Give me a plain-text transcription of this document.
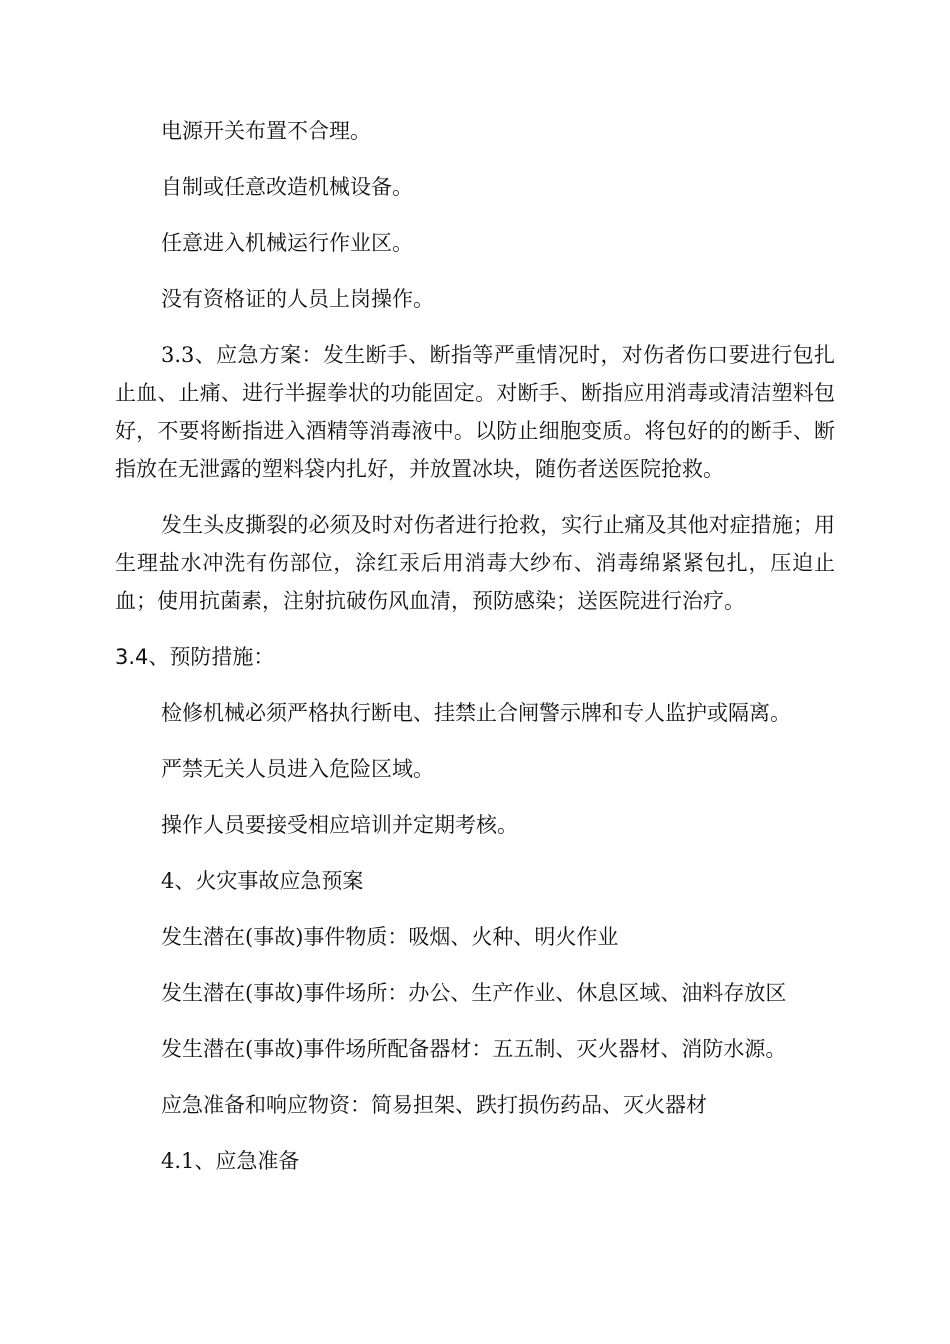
电源开关布置不合理。

自制或任意改造机械设备。

任意进入机械运行作业区。

没有资格证的人员上岗操作。

3.3、应急方案：发生断手、断指等严重情况时，对伤者伤口要进行包扎止血、止痛、进行半握拳状的功能固定。对断手、断指应用消毒或清洁塑料包好，不要将断指进入酒精等消毒液中。以防止细胞变质。将包好的的断手、断指放在无泄露的塑料袋内扎好，并放置冰块，随伤者送医院抢救。

发生头皮撕裂的必须及时对伤者进行抢救，实行止痛及其他对症措施；用生理盐水冲洗有伤部位，涂红汞后用消毒大纱布、消毒绵紧紧包扎，压迫止血；使用抗菌素，注射抗破伤风血清，预防感染；送医院进行治疗。

3.4、预防措施：

检修机械必须严格执行断电、挂禁止合闸警示牌和专人监护或隔离。

严禁无关人员进入危险区域。

操作人员要接受相应培训并定期考核。

4、火灾事故应急预案

发生潜在(事故)事件物质：吸烟、火种、明火作业

发生潜在(事故)事件场所：办公、生产作业、休息区域、油料存放区

发生潜在(事故)事件场所配备器材：五五制、灭火器材、消防水源。

应急准备和响应物资：简易担架、跌打损伤药品、灭火器材

4.1、应急准备
